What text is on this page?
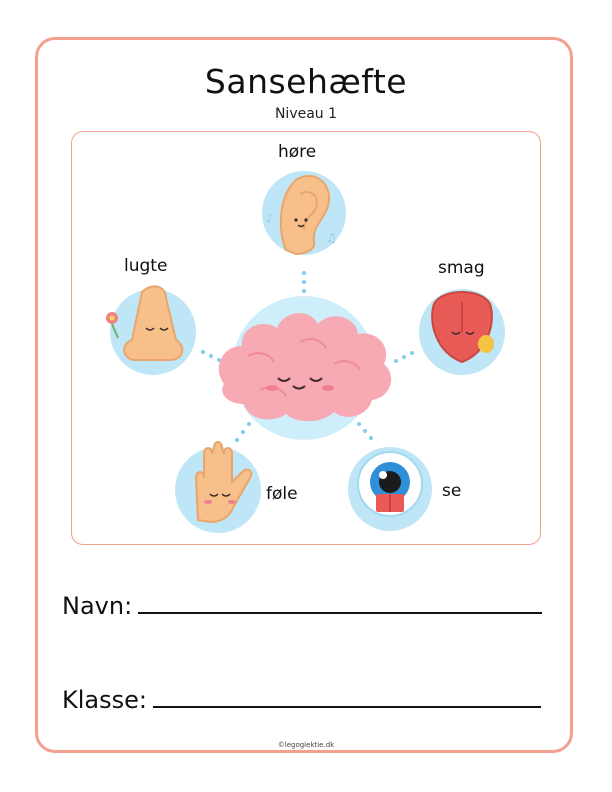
Sansehæfte
Niveau 1
♪
♫
høre
lugte	smag
føle	se
Navn:
Klasse:
©legogiektie.dk
